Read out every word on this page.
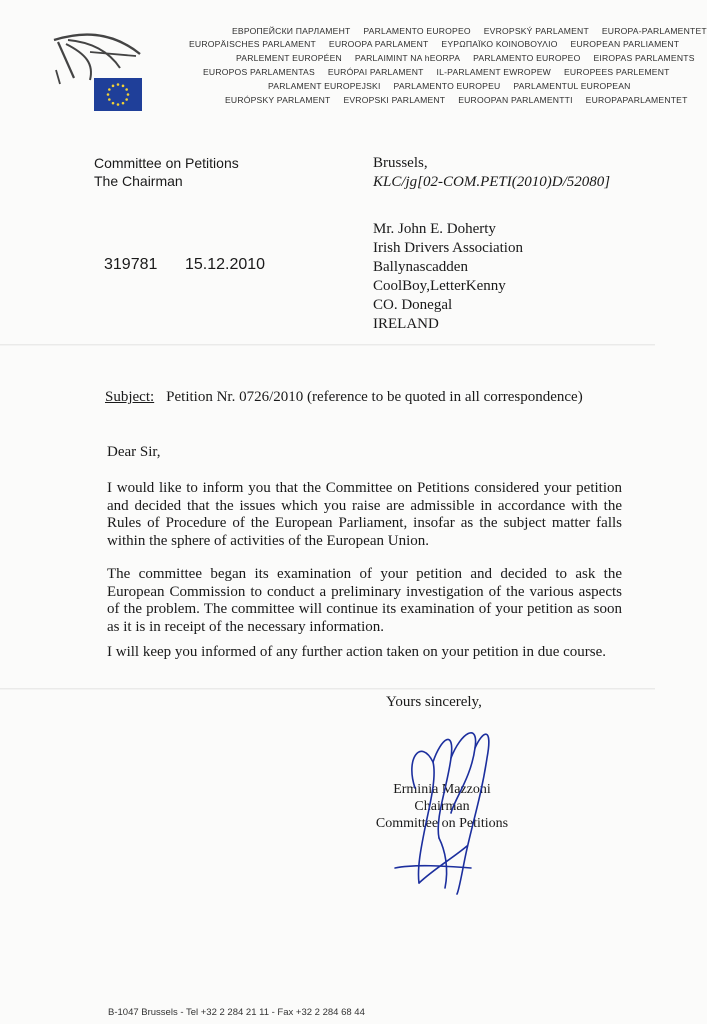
ЕВРОПЕЙСКИ ПАРЛАМЕНТ PARLAMENTO EUROPEO EVROPSKÝ PARLAMENT EUROPA-PARLAMENTET
EUROPÄISCHES PARLAMENT EUROOPA PARLAMENT ΕΥΡΩΠΑΪΚΟ ΚΟΙΝΟΒΟΥΛΙΟ EUROPEAN PARLIAMENT
PARLEMENT EUROPÉEN PARLAIMINT NA hEORPA PARLAMENTO EUROPEO EIROPAS PARLAMENTS
EUROPOS PARLAMENTAS EURÓPAI PARLAMENT IL-PARLAMENT EWROPEW EUROPEES PARLEMENT
PARLAMENT EUROPEJSKI PARLAMENTO EUROPEU PARLAMENTUL EUROPEAN
EURÓPSKY PARLAMENT EVROPSKI PARLAMENT EUROOPAN PARLAMENTTI EUROPAPARLAMENTET
Committee on Petitions
The Chairman
319781 15.12.2010
Brussels,
KLC/jg[02-COM.PETI(2010)D/52080]
Mr. John E. Doherty
Irish Drivers Association
Ballynascadden
CoolBoy,LetterKenny
CO. Donegal
IRELAND
Subject: Petition Nr. 0726/2010 (reference to be quoted in all correspondence)
Dear Sir,
I would like to inform you that the Committee on Petitions considered your petition and decided that the issues which you raise are admissible in accordance with the Rules of Procedure of the European Parliament, insofar as the subject matter falls within the sphere of activities of the European Union.
The committee began its examination of your petition and decided to ask the European Commission to conduct a preliminary investigation of the various aspects of the problem. The committee will continue its examination of your petition as soon as it is in receipt of the necessary information.
I will keep you informed of any further action taken on your petition in due course.
Yours sincerely,
Erminia Mazzoni
Chairman
Committee on Petitions
B-1047 Brussels - Tel +32 2 284 21 11 - Fax +32 2 284 68 44
